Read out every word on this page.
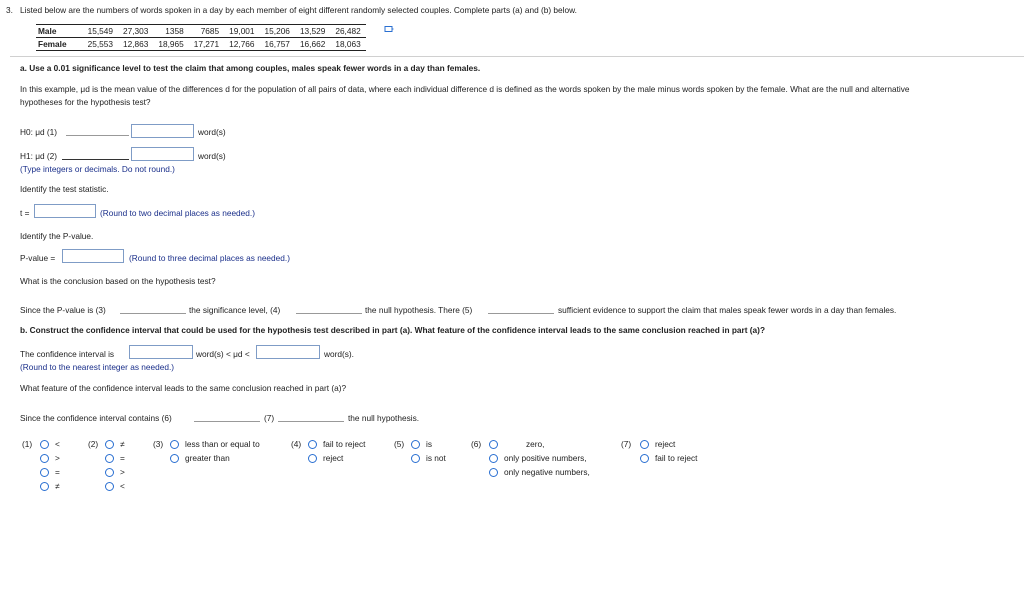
3. Listed below are the numbers of words spoken in a day by each member of eight different randomly selected couples. Complete parts (a) and (b) below.
Male	15,549	27,303	1358	7685	19,001	15,206	13,529	26,482
Female	25,553	12,863	18,965	17,271	12,766	16,757	16,662	18,063
a. Use a 0.01 significance level to test the claim that among couples, males speak fewer words in a day than females.
In this example, μd is the mean value of the differences d for the population of all pairs of data, where each individual difference d is defined as the words spoken by the male minus words spoken by the female. What are the null and alternative
hypotheses for the hypothesis test?
H0: μd (1)	word(s)
H1: μd (2)	word(s)
(Type integers or decimals. Do not round.)
Identify the test statistic.
t =	(Round to two decimal places as needed.)
Identify the P-value.
P-value =	(Round to three decimal places as needed.)
What is the conclusion based on the hypothesis test?
Since the P-value is (3)	the significance level, (4)	the null hypothesis. There (5)	sufficient evidence to support the claim that males speak fewer words in a day than females.
b. Construct the confidence interval that could be used for the hypothesis test described in part (a). What feature of the confidence interval leads to the same conclusion reached in part (a)?
The confidence interval is	word(s) < μd <	word(s).
(Round to the nearest integer as needed.)
What feature of the confidence interval leads to the same conclusion reached in part (a)?
Since the confidence interval contains (6)	(7)	the null hypothesis.
(1)	<
>
=
≠
(2)	≠
=
>
<
(3)	less than or equal to
greater than
(4)	fail to reject
reject
(5)	is
is not
(6)	zero,
only positive numbers,
only negative numbers,
(7)	reject
fail to reject
